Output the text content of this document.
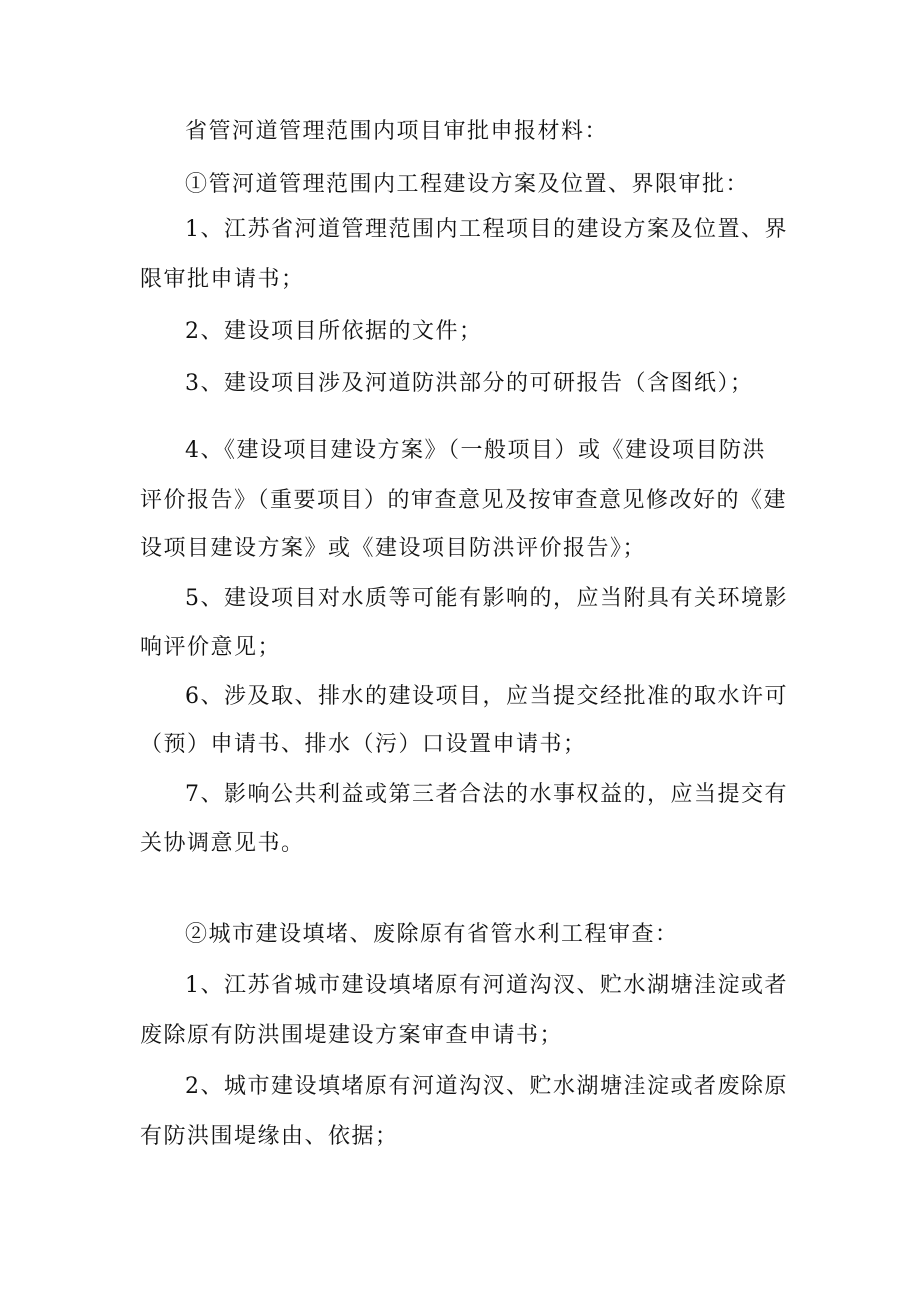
省管河道管理范围内项目审批申报材料：
①管河道管理范围内工程建设方案及位置、界限审批：
1、江苏省河道管理范围内工程项目的建设方案及位置、界
限审批申请书；
2、建设项目所依据的文件；
3、建设项目涉及河道防洪部分的可研报告（含图纸）；
4、《建设项目建设方案》（一般项目）或《建设项目防洪
评价报告》（重要项目）的审查意见及按审查意见修改好的《建
设项目建设方案》或《建设项目防洪评价报告》；
5、建设项目对水质等可能有影响的，应当附具有关环境影
响评价意见；
6、涉及取、排水的建设项目，应当提交经批准的取水许可
（预）申请书、排水（污）口设置申请书；
7、影响公共利益或第三者合法的水事权益的，应当提交有
关协调意见书。
②城市建设填堵、废除原有省管水利工程审查：
1、江苏省城市建设填堵原有河道沟汊、贮水湖塘洼淀或者
废除原有防洪围堤建设方案审查申请书；
2、城市建设填堵原有河道沟汊、贮水湖塘洼淀或者废除原
有防洪围堤缘由、依据；
